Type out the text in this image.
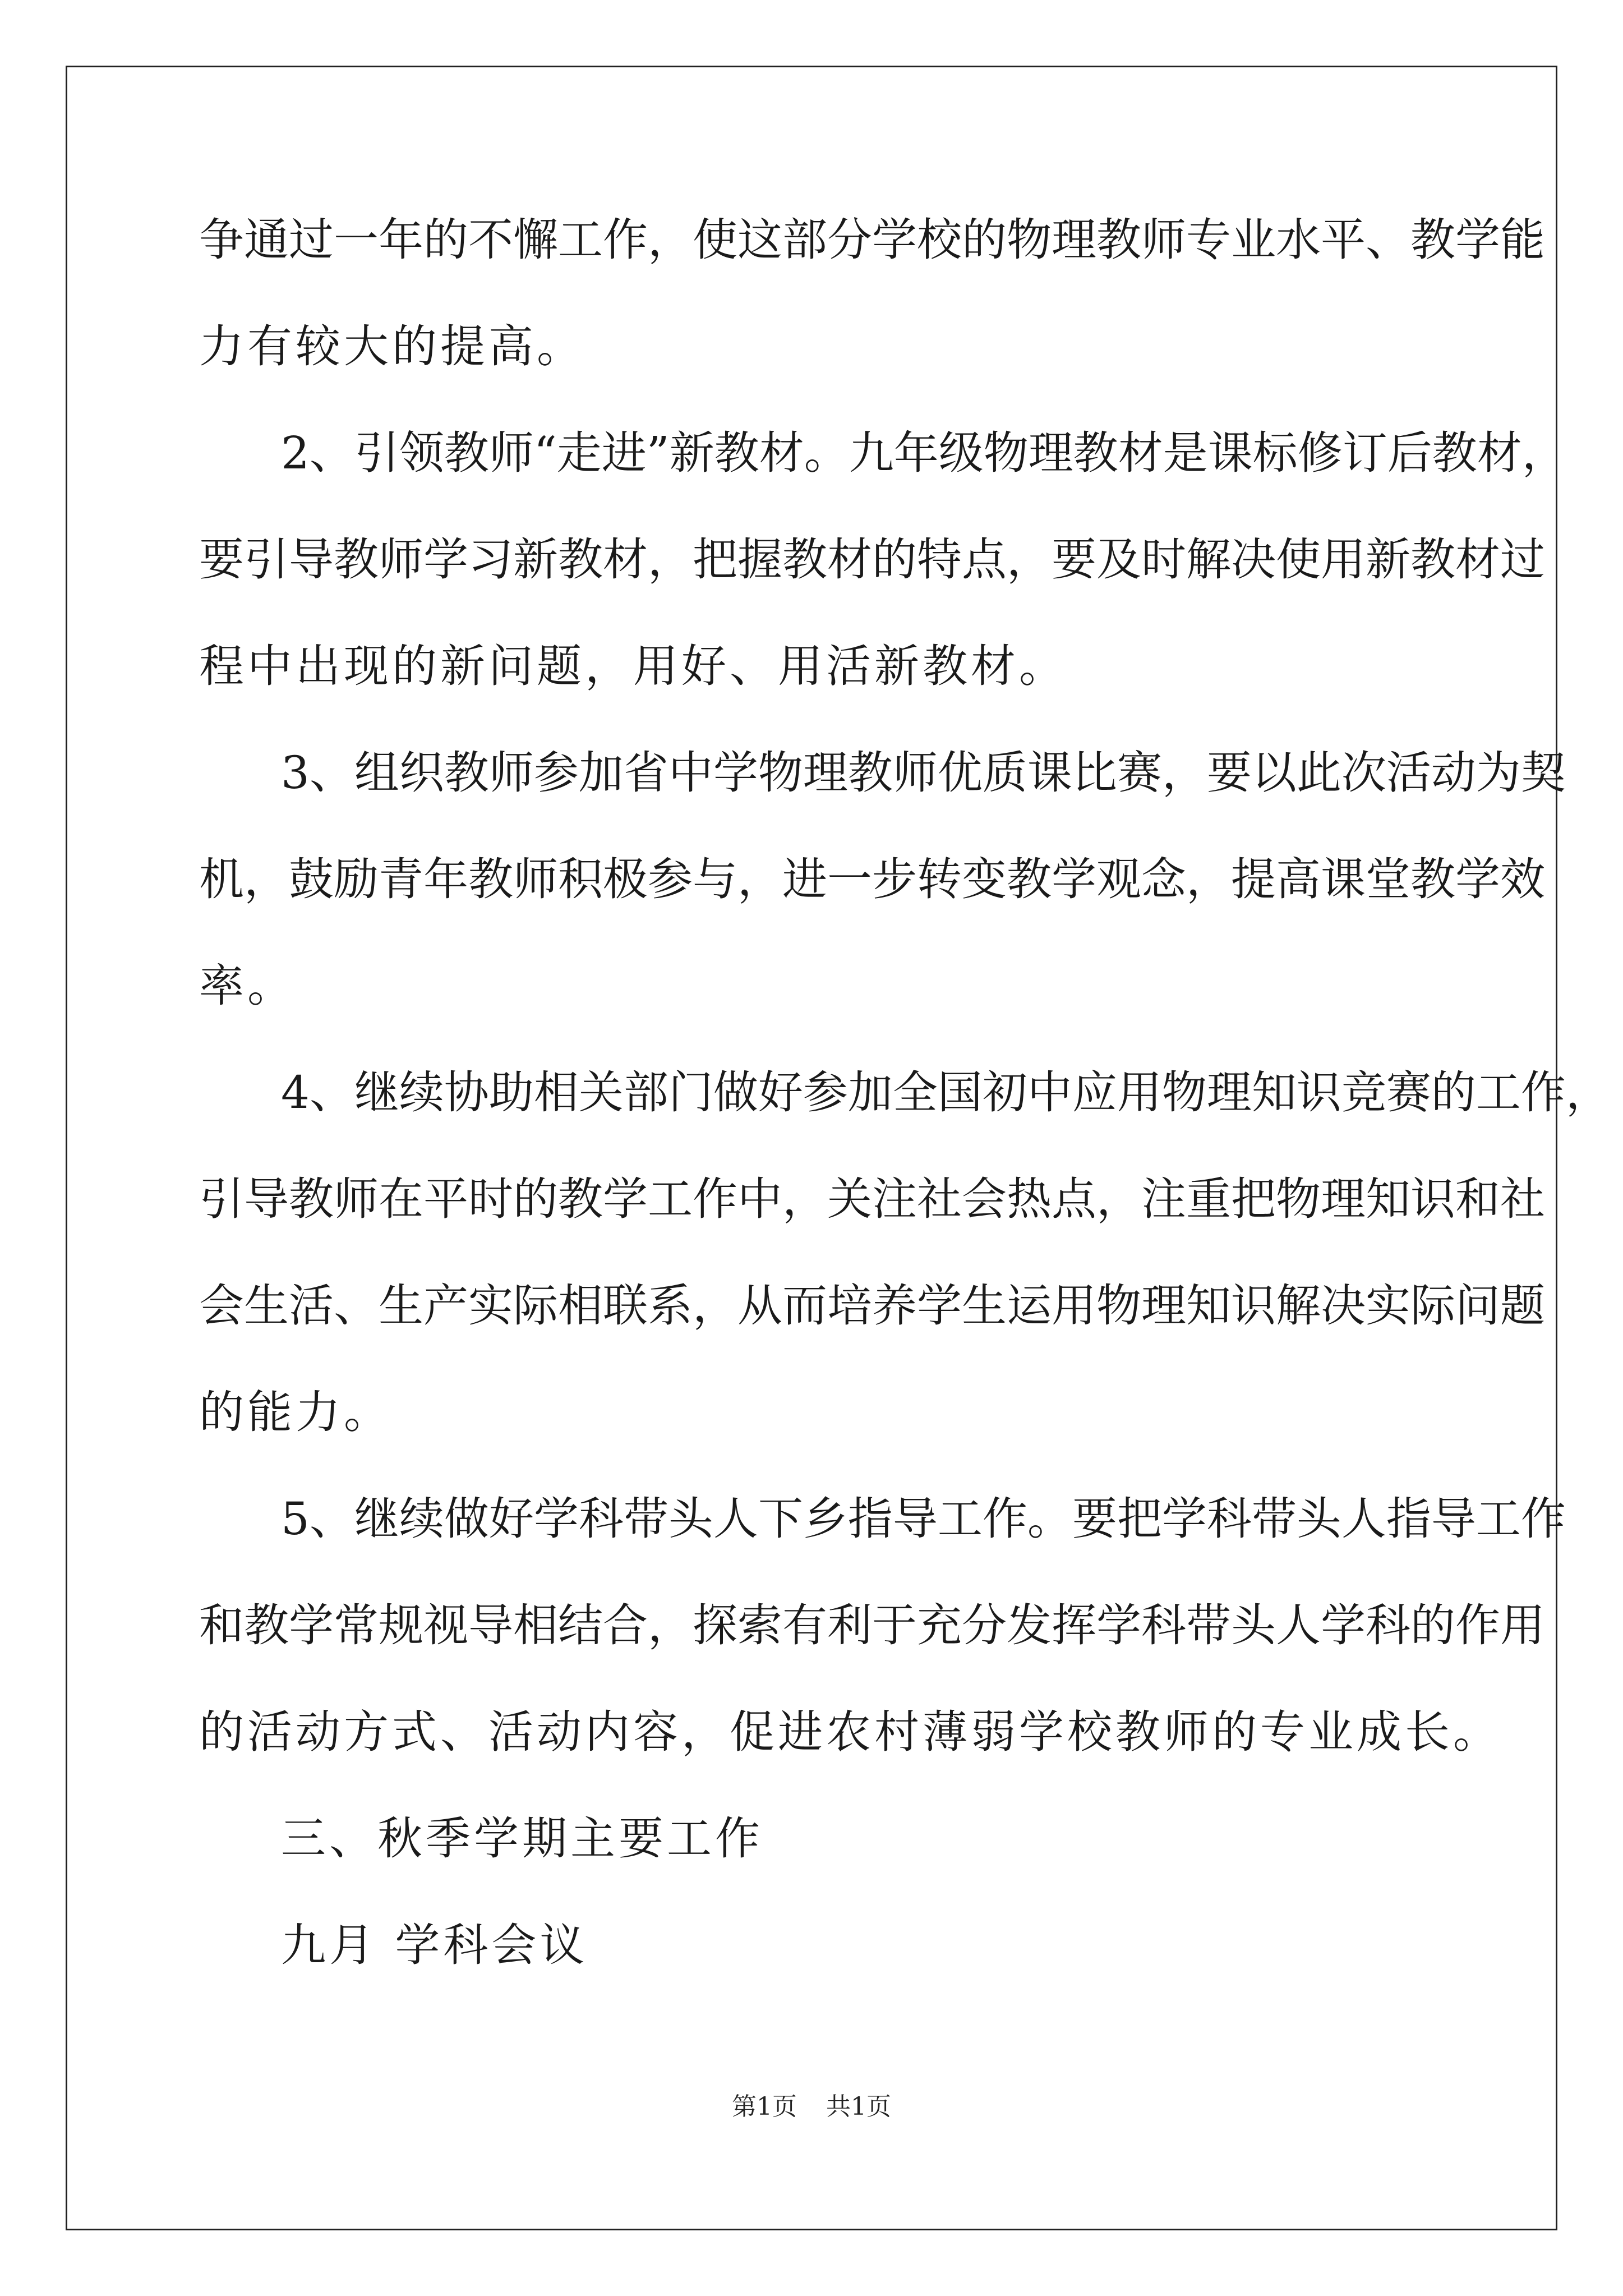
争通过一年的不懈工作，使这部分学校的物理教师专业水平、教学能
力有较大的提高。
2、引领教师“走进”新教材。九年级物理教材是课标修订后教材，
要引导教师学习新教材，把握教材的特点，要及时解决使用新教材过
程中出现的新问题，用好、用活新教材。
3、组织教师参加省中学物理教师优质课比赛，要以此次活动为契
机，鼓励青年教师积极参与，进一步转变教学观念，提高课堂教学效
率。
4、继续协助相关部门做好参加全国初中应用物理知识竞赛的工作，
引导教师在平时的教学工作中，关注社会热点，注重把物理知识和社
会生活、生产实际相联系，从而培养学生运用物理知识解决实际问题
的能力。
5、继续做好学科带头人下乡指导工作。要把学科带头人指导工作
和教学常规视导相结合，探索有利于充分发挥学科带头人学科的作用
的活动方式、活动内容，促进农村薄弱学校教师的专业成长。
三、秋季学期主要工作
九月 学科会议
第1页 共1页
